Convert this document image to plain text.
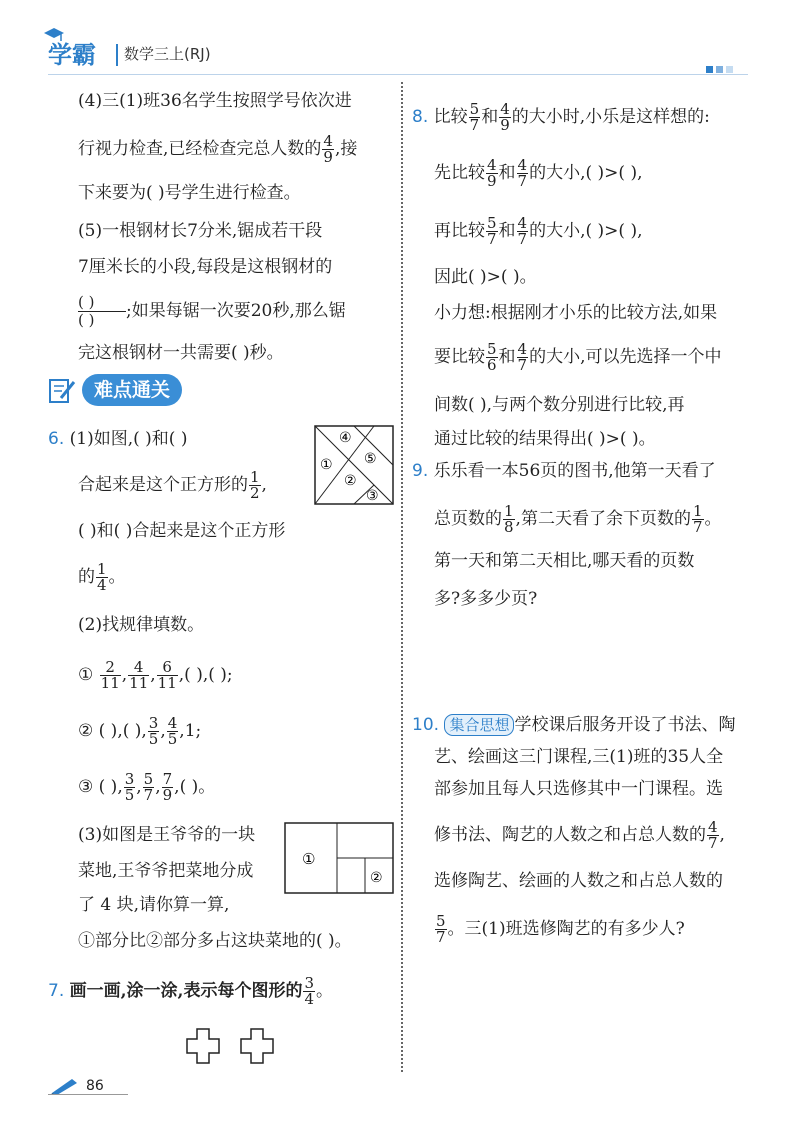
学霸	数学三上(RJ)
(4)三(1)班36名学生按照学号依次进
行视力检查,已经检查完总人数的 $\frac{4}{9}$ ,接
下来要为( )号学生进行检查。
(5)一根钢材长7分米,锯成若干段
7厘米长的小段,每段是这根钢材的
$\frac{( )}{( )}$ ;如果每锯一次要20秒,那么锯
完这根钢材一共需要( )秒。
难点通关
6. (1)如图,( )和( )
合起来是这个正方形的 $\frac{1}{2}$ ,
④
⑤
①
②
③
( )和( )合起来是这个正方形
的 $\frac{1}{4}$ 。
(2)找规律填数。
① $\frac{2}{11}$ , $\frac{4}{11}$ , $\frac{6}{11}$ ,( ),( );
② ( ),( ), $\frac{3}{5}$ , $\frac{4}{5} ,1$;
③ ( ), $\frac{3}{5}$ , $\frac{5}{7}$ , $\frac{7}{9}$ ,( )。
(3)如图是王爷爷的一块
菜地,王爷爷把菜地分成
了 4 块,请你算一算,
①部分比②部分多占这块菜地的( )。
①
②
7. 画一画,涂一涂,表示每个图形的 $\frac{3}{4}$ 。
8. 比较 $\frac{5}{7}$ 和 $\frac{4}{9}$ 的大小时,小乐是这样想的:
先比较 $\frac{4}{9}$ 和 $\frac{4}{7}$ 的大小,( )>( ),
再比较 $\frac{5}{7}$ 和 $\frac{4}{7}$ 的大小,( )>( ),
因此( )>( )。
小力想:根据刚才小乐的比较方法,如果
要比较 $\frac{5}{6}$ 和 $\frac{4}{7}$ 的大小,可以先选择一个中
间数( ),与两个数分别进行比较,再
通过比较的结果得出( )>( )。
9. 乐乐看一本56页的图书,他第一天看了
总页数的 $\frac{1}{8}$ ,第二天看了余下页数的 $\frac{1}{7}$ 。
第一天和第二天相比,哪天看的页数
多?多多少页?
10. 集合思想 学校课后服务开设了书法、陶
艺、绘画这三门课程,三(1)班的35人全
部参加且每人只选修其中一门课程。选
修书法、陶艺的人数之和占总人数的 $\frac{4}{7}$ ,
选修陶艺、绘画的人数之和占总人数的
$\frac{5}{7}$ 。三(1)班选修陶艺的有多少人?
86
